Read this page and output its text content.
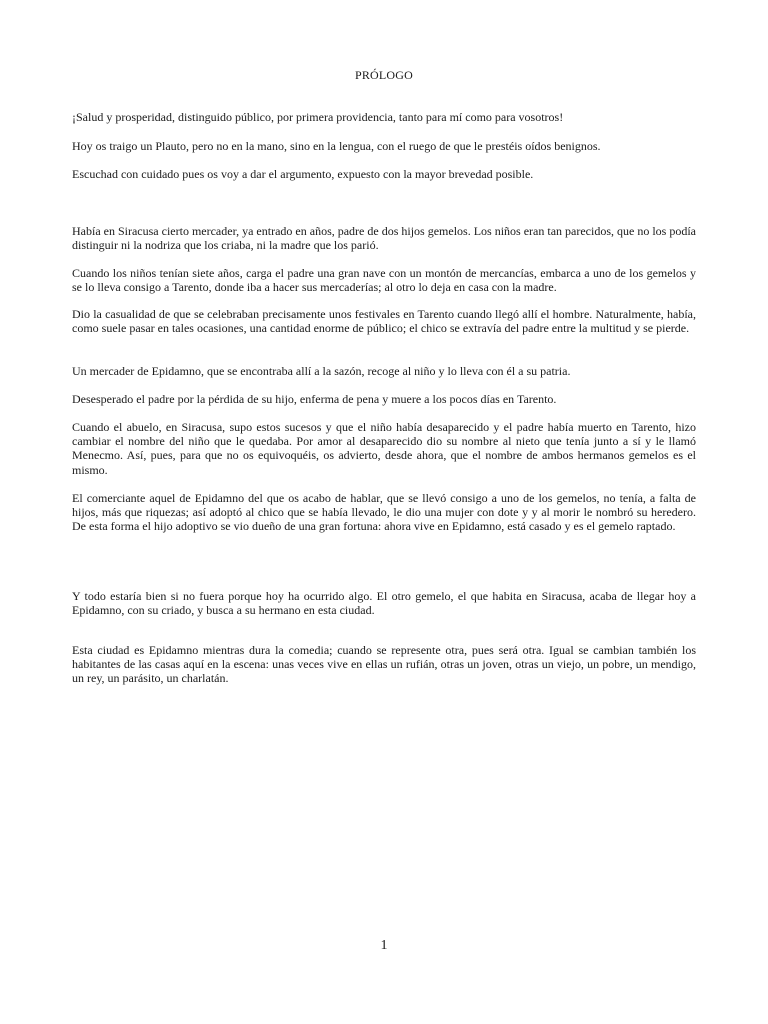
PRÓLOGO

¡Salud y prosperidad, distinguido público, por primera providencia, tanto para mí como para vosotros!

Hoy os traigo un Plauto, pero no en la mano, sino en la lengua, con el ruego de que le prestéis oídos benignos.

Escuchad con cuidado pues os voy a dar el argumento, expuesto con la mayor brevedad posible.

Había en Siracusa cierto mercader, ya entrado en años, padre de dos hijos gemelos. Los niños eran tan parecidos, que no los podía distinguir ni la nodriza que los criaba, ni la madre que los parió.

Cuando los niños tenían siete años, carga el padre una gran nave con un montón de mercancías, embarca a uno de los gemelos y se lo lleva consigo a Tarento, donde iba a hacer sus mercaderías; al otro lo deja en casa con la madre.

Dio la casualidad de que se celebraban precisamente unos festivales en Tarento cuando llegó allí el hombre. Naturalmente, había, como suele pasar en tales ocasiones, una cantidad enorme de público; el chico se extravía del padre entre la multitud y se pierde.

Un mercader de Epidamno, que se encontraba allí a la sazón, recoge al niño y lo lleva con él a su patria.

Desesperado el padre por la pérdida de su hijo, enferma de pena y muere a los pocos días en Tarento.

Cuando el abuelo, en Siracusa, supo estos sucesos y que el niño había desaparecido y el padre había muerto en Tarento, hizo cambiar el nombre del niño que le quedaba. Por amor al desaparecido dio su nombre al nieto que tenía junto a sí y le llamó Menecmo. Así, pues, para que no os equivoquéis, os advierto, desde ahora, que el nombre de ambos hermanos gemelos es el mismo.

El comerciante aquel de Epidamno del que os acabo de hablar, que se llevó consigo a uno de los gemelos, no tenía, a falta de hijos, más que riquezas; así adoptó al chico que se había llevado, le dio una mujer con dote y y al morir le nombró su heredero. De esta forma el hijo adoptivo se vio dueño de una gran fortuna: ahora vive en Epidamno, está casado y es el gemelo raptado.

Y todo estaría bien si no fuera porque hoy ha ocurrido algo. El otro gemelo, el que habita en Siracusa, acaba de llegar hoy a Epidamno, con su criado, y busca a su hermano en esta ciudad.

Esta ciudad es Epidamno mientras dura la comedia; cuando se represente otra, pues será otra. Igual se cambian también los habitantes de las casas aquí en la escena: unas veces vive en ellas un rufián, otras un joven, otras un viejo, un pobre, un mendigo, un rey, un parásito, un charlatán.

1
